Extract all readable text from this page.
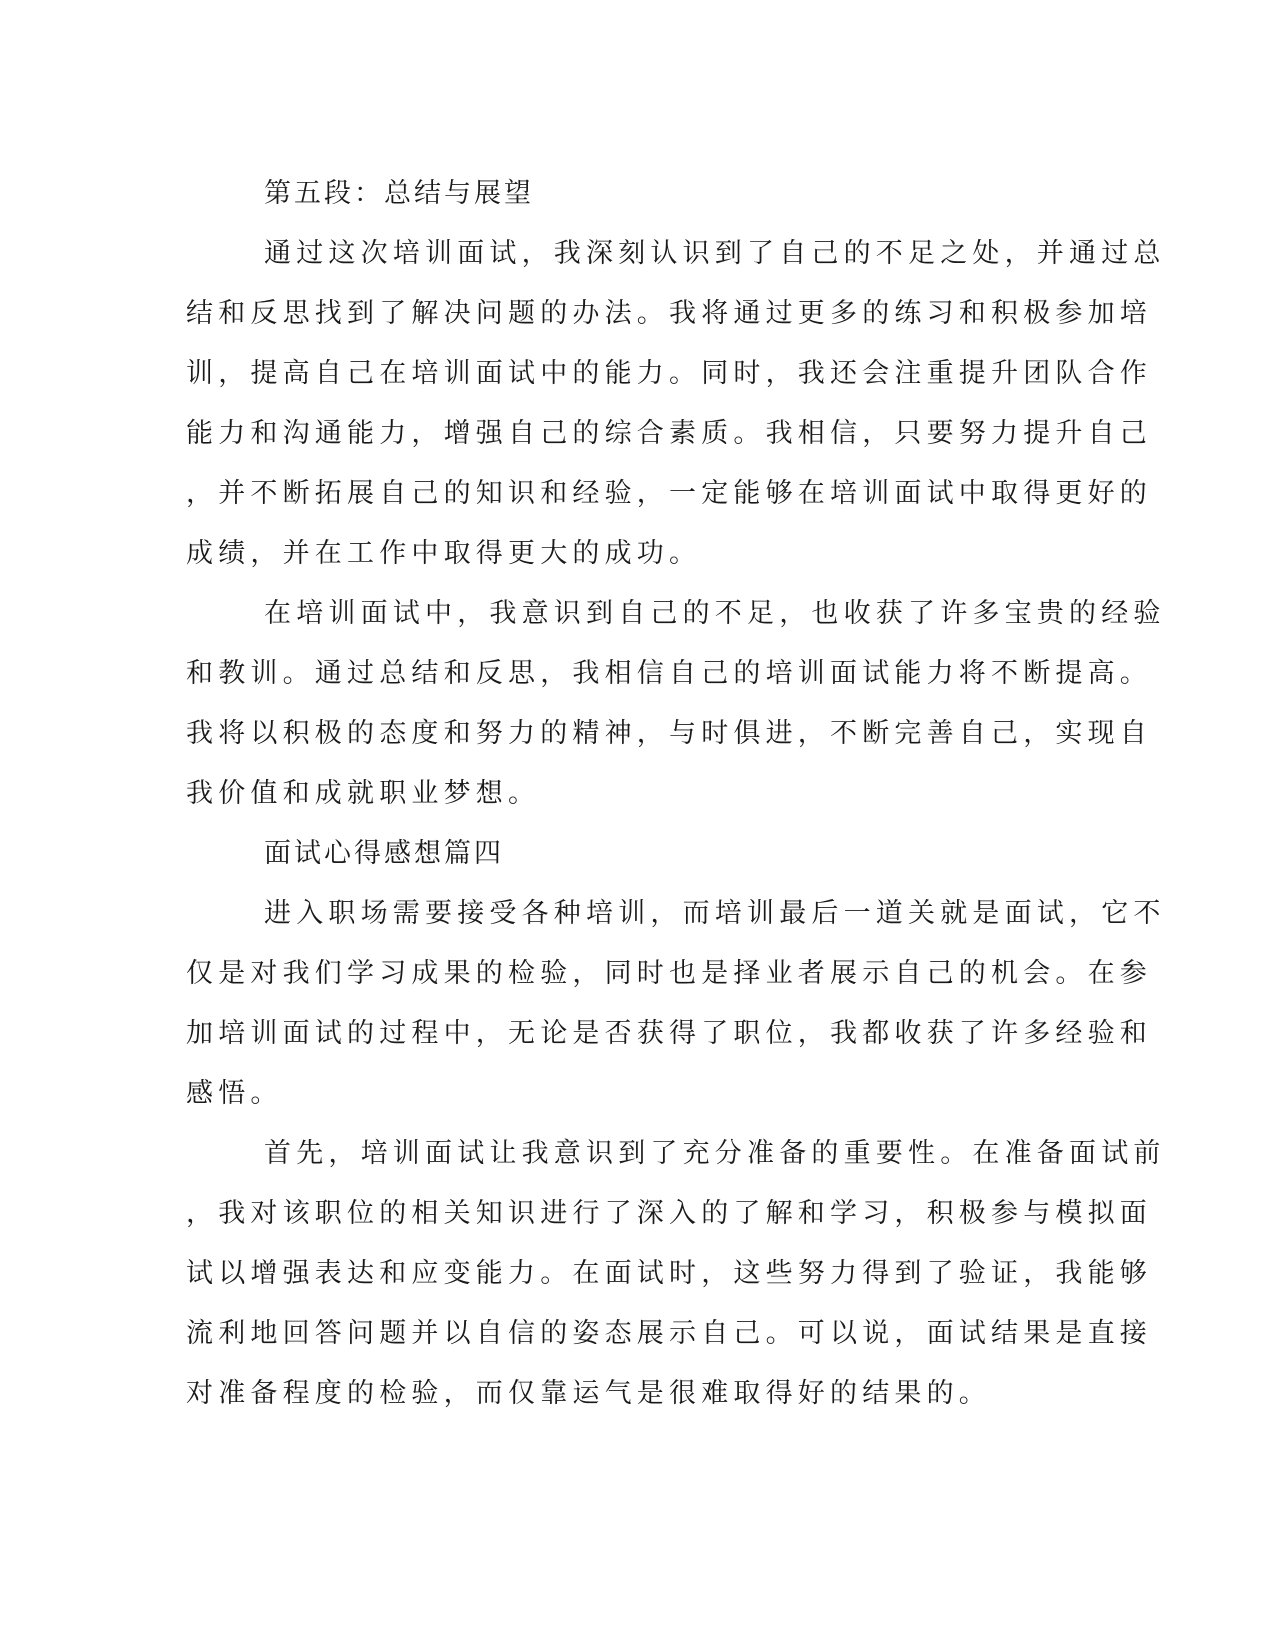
第五段：总结与展望
通过这次培训面试，我深刻认识到了自己的不足之处，并通过总
结和反思找到了解决问题的办法。我将通过更多的练习和积极参加培
训，提高自己在培训面试中的能力。同时，我还会注重提升团队合作
能力和沟通能力，增强自己的综合素质。我相信，只要努力提升自己
，并不断拓展自己的知识和经验，一定能够在培训面试中取得更好的
成绩，并在工作中取得更大的成功。
在培训面试中，我意识到自己的不足，也收获了许多宝贵的经验
和教训。通过总结和反思，我相信自己的培训面试能力将不断提高。
我将以积极的态度和努力的精神，与时俱进，不断完善自己，实现自
我价值和成就职业梦想。
面试心得感想篇四
进入职场需要接受各种培训，而培训最后一道关就是面试，它不
仅是对我们学习成果的检验，同时也是择业者展示自己的机会。在参
加培训面试的过程中，无论是否获得了职位，我都收获了许多经验和
感悟。
首先，培训面试让我意识到了充分准备的重要性。在准备面试前
，我对该职位的相关知识进行了深入的了解和学习，积极参与模拟面
试以增强表达和应变能力。在面试时，这些努力得到了验证，我能够
流利地回答问题并以自信的姿态展示自己。可以说，面试结果是直接
对准备程度的检验，而仅靠运气是很难取得好的结果的。
